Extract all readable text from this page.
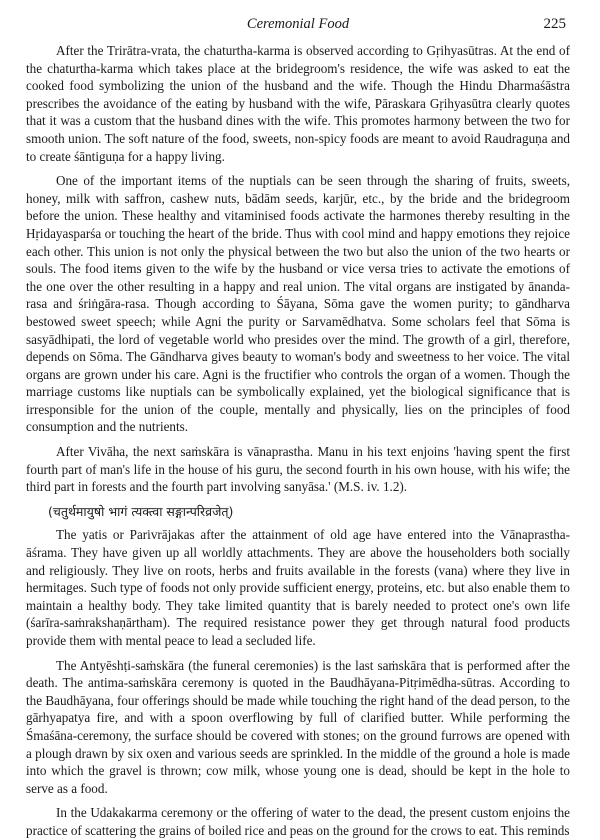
Ceremonial Food	225

After the Trirātra-vrata, the chaturtha-karma is observed according to Gṛihyasūtras. At the end of the chaturtha-karma which takes place at the bridegroom's residence, the wife was asked to eat the cooked food symbolizing the union of the husband and the wife. Though the Hindu Dharmaśāstra prescribes the avoidance of the eating by husband with the wife, Pāraskara Gṛihyasūtra clearly quotes that it was a custom that the husband dines with the wife. This promotes harmony between the two for smooth union. The soft nature of the food, sweets, non-spicy foods are meant to avoid Raudraguṇa and to create śāntiguṇa for a happy living.

One of the important items of the nuptials can be seen through the sharing of fruits, sweets, honey, milk with saffron, cashew nuts, bādām seeds, karjūr, etc., by the bride and the bridegroom before the union. These healthy and vitaminised foods activate the harmones thereby resulting in the Hṛidayasparśa or touching the heart of the bride. Thus with cool mind and happy emotions they rejoice each other. This union is not only the physical between the two but also the union of the two hearts or souls. The food items given to the wife by the husband or vice versa tries to activate the emotions of the one over the other resulting in a happy and real union. The vital organs are instigated by ānanda-rasa and śriṅgāra-rasa. Though according to Śāyana, Sōma gave the women purity; to gāndharva bestowed sweet speech; while Agni the purity or Sarvamēdhatva. Some scholars feel that Sōma is sasyādhipati, the lord of vegetable world who presides over the mind. The growth of a girl, therefore, depends on Sōma. The Gāndharva gives beauty to woman's body and sweetness to her voice. The vital organs are grown under his care. Agni is the fructifier who controls the organ of a women. Though the marriage customs like nuptials can be symbolically explained, yet the biological significance that is irresponsible for the union of the couple, mentally and physically, lies on the principles of food consumption and the nutrients.

After Vivāha, the next saṁskāra is vānaprastha. Manu in his text enjoins 'having spent the first fourth part of man's life in the house of his guru, the second fourth in his own house, with his wife; the third part in forests and the fourth part involving sanyāsa.' (M.S. iv. 1.2).

(चतुर्थमायुषो भागं त्यक्त्वा सङ्गान्परिव्रजेत्)

The yatis or Parivrājakas after the attainment of old age have entered into the Vānaprastha-āśrama. They have given up all worldly attachments. They are above the householders both socially and religiously. They live on roots, herbs and fruits available in the forests (vana) where they live in hermitages. Such type of foods not only provide sufficient energy, proteins, etc. but also enable them to maintain a healthy body. They take limited quantity that is barely needed to protect one's own life (śarīra-saṁrakshaṇārtham). The required resistance power they get through natural food products provide them with mental peace to lead a secluded life.

The Antyēshṭi-saṁskāra (the funeral ceremonies) is the last saṁskāra that is performed after the death. The antima-saṁskāra ceremony is quoted in the Baudhāyana-Pitṛimēdha-sūtras. According to the Baudhāyana, four offerings should be made while touching the right hand of the dead person, to the gārhyapatya fire, and with a spoon overflowing by full of clarified butter. While performing the Śmaśāna-ceremony, the surface should be covered with stones; on the ground furrows are opened with a plough drawn by six oxen and various seeds are sprinkled. In the middle of the ground a hole is made into which the gravel is thrown; cow milk, whose young one is dead, should be kept in the hole to serve as a food.

In the Udakakarma ceremony or the offering of water to the dead, the present custom enjoins the practice of scattering the grains of boiled rice and peas on the ground for the crows to eat. This reminds
